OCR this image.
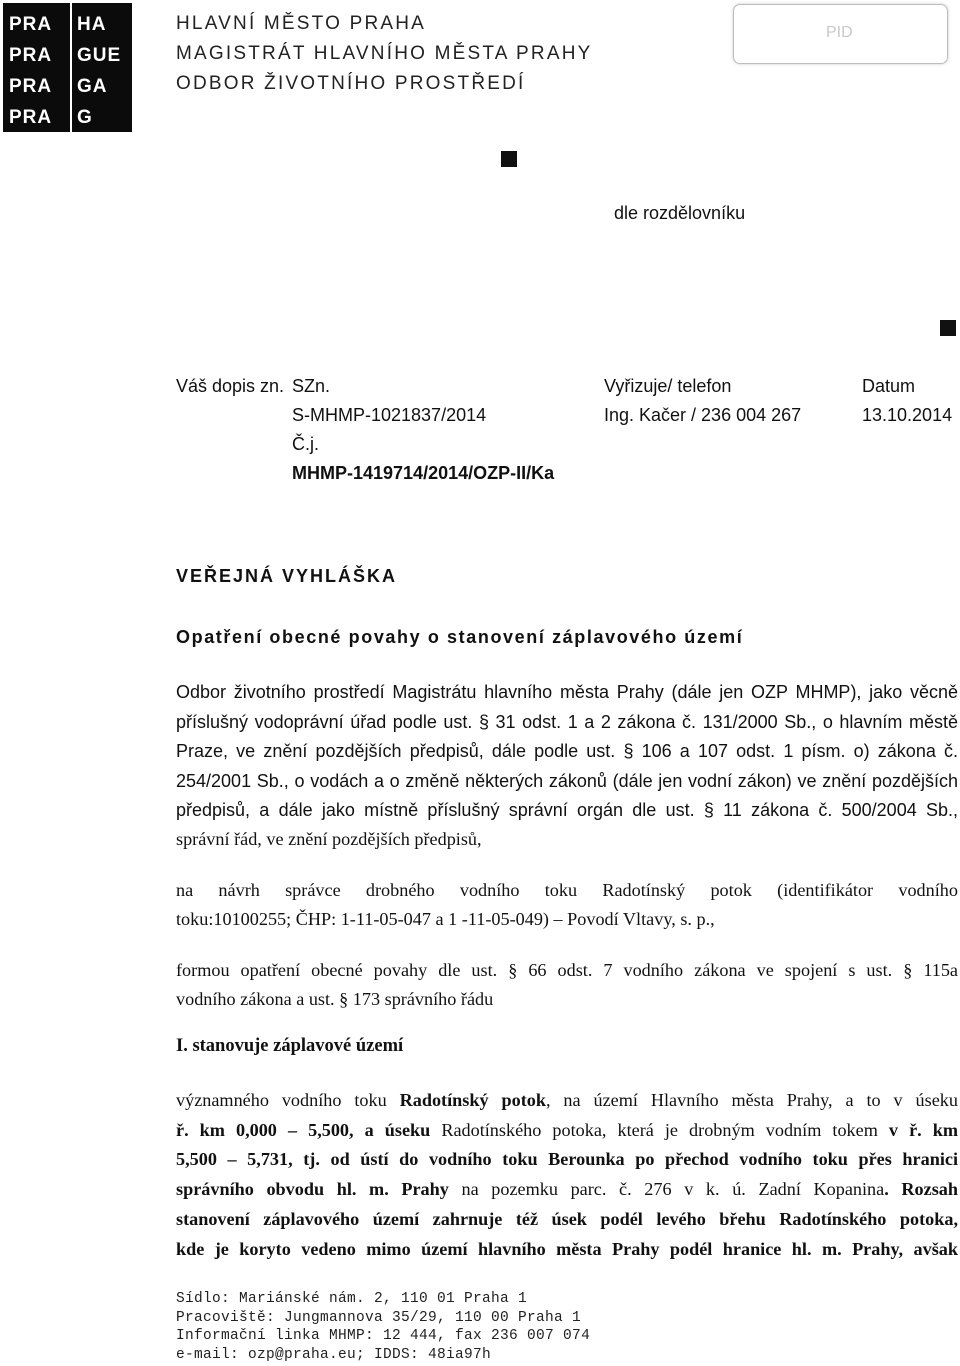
PRA
PRA
PRA
PRA
HA
GUE
GA
G
HLAVNÍ MĚSTO PRAHA
MAGISTRÁT HLAVNÍHO MĚSTA PRAHY
ODBOR ŽIVOTNÍHO PROSTŘEDÍ
PID
dle rozdělovníku
Váš dopis zn. SZn.
S-MHMP-1021837/2014
Č.j.
MHMP-1419714/2014/OZP-II/Ka
Vyřizuje/ telefon
Ing. Kačer / 236 004 267
Datum
13.10.2014
VEŘEJNÁ VYHLÁŠKA
Opatření obecné povahy o stanovení záplavového území
Odbor životního prostředí Magistrátu hlavního města Prahy (dále jen OZP MHMP), jako věcně
příslušný vodoprávní úřad podle ust. § 31 odst. 1 a 2 zákona č. 131/2000 Sb., o hlavním městě
Praze, ve znění pozdějších předpisů, dále podle ust. § 106 a 107 odst. 1 písm. o) zákona č.
254/2001 Sb., o vodách a o změně některých zákonů (dále jen vodní zákon) ve znění pozdějších
předpisů, a dále jako místně příslušný správní orgán dle ust. § 11 zákona č. 500/2004 Sb.,
správní řád, ve znění pozdějších předpisů,
na návrh správce drobného vodního toku Radotínský potok (identifikátor vodního
toku:10100255; ČHP: 1-11-05-047 a 1 -11-05-049) – Povodí Vltavy, s. p.,
formou opatření obecné povahy dle ust. § 66 odst. 7 vodního zákona ve spojení s ust. § 115a
vodního zákona a ust. § 173 správního řádu
I. stanovuje záplavové území
významného vodního toku Radotínský potok, na území Hlavního města Prahy, a to v úseku
ř. km 0,000 – 5,500, a úseku Radotínského potoka, která je drobným vodním tokem v ř. km
5,500 – 5,731, tj. od ústí do vodního toku Berounka po přechod vodního toku přes hranici
správního obvodu hl. m. Prahy na pozemku parc. č. 276 v k. ú. Zadní Kopanina. Rozsah
stanovení záplavového území zahrnuje též úsek podél levého břehu Radotínského potoka,
kde je koryto vedeno mimo území hlavního města Prahy podél hranice hl. m. Prahy, avšak
Sídlo: Mariánské nám. 2, 110 01 Praha 1
Pracoviště: Jungmannova 35/29, 110 00 Praha 1
Informační linka MHMP: 12 444, fax 236 007 074
e-mail: ozp@praha.eu; IDDS: 48ia97h
